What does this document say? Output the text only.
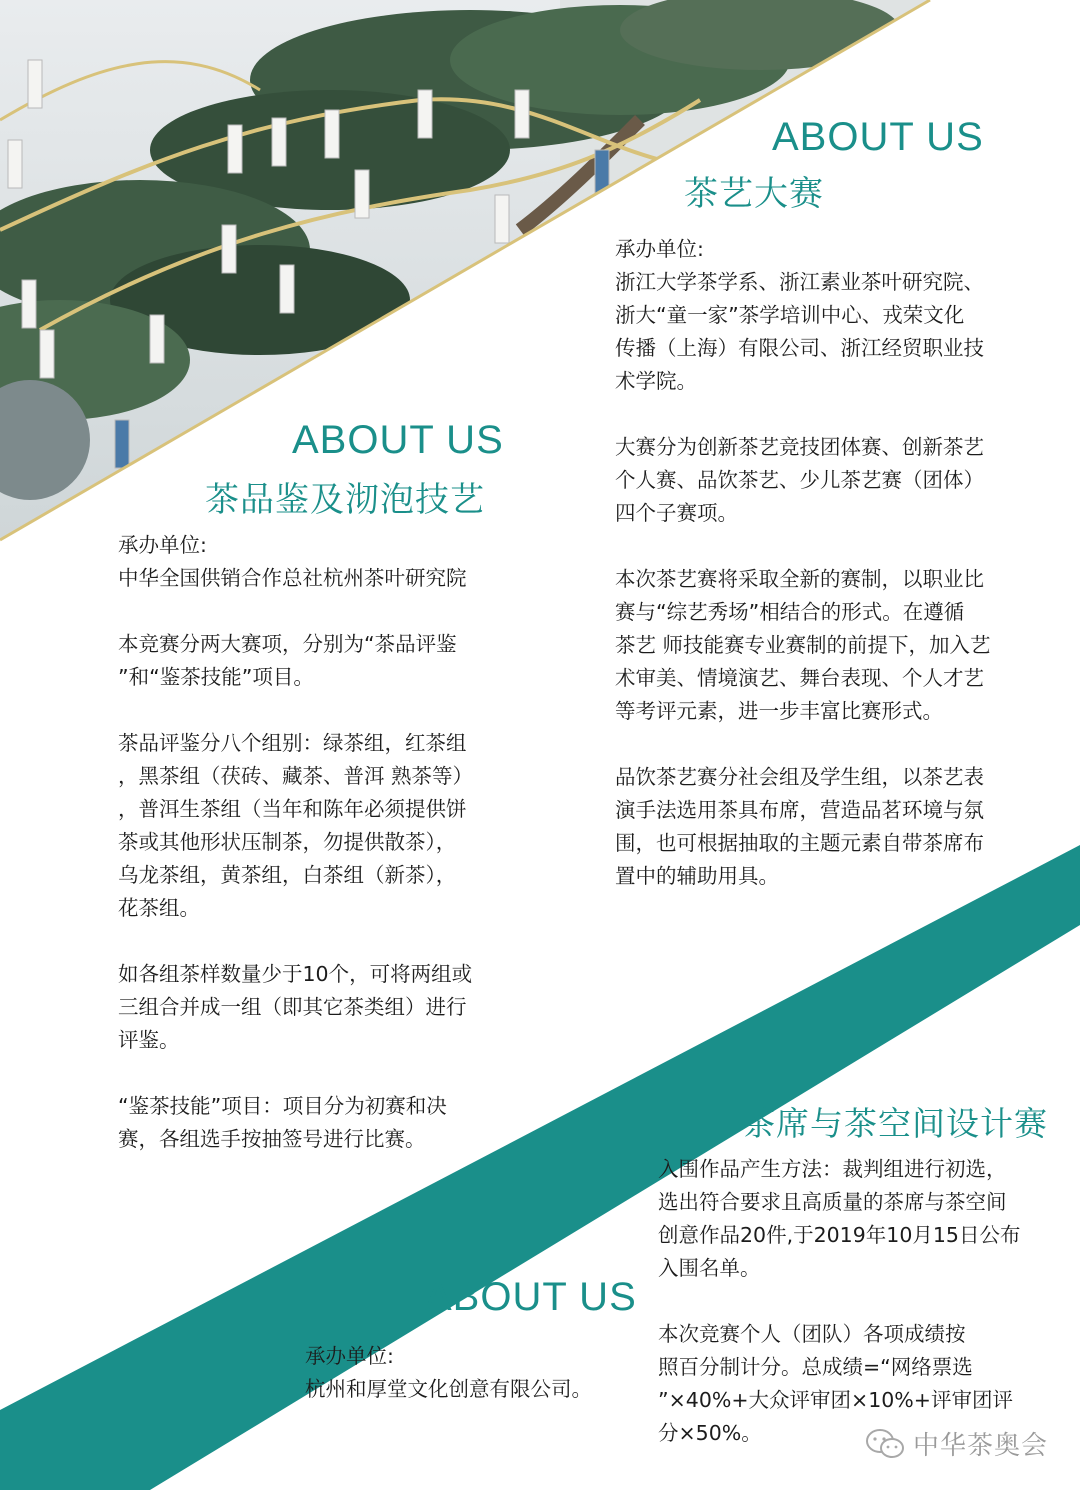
ABOUT US
茶艺大赛

承办单位:
浙江大学茶学系、浙江素业茶叶研究院、
浙大“童一家”茶学培训中心、戎荣文化
传播（上海）有限公司、浙江经贸职业技
术学院。

大赛分为创新茶艺竞技团体赛、创新茶艺
个人赛、品饮茶艺、少儿茶艺赛（团体）
四个子赛项。

本次茶艺赛将采取全新的赛制，以职业比
赛与“综艺秀场”相结合的形式。在遵循
茶艺 师技能赛专业赛制的前提下，加入艺
术审美、情境演艺、舞台表现、个人才艺
等考评元素，进一步丰富比赛形式。

品饮茶艺赛分社会组及学生组，以茶艺表
演手法选用茶具布席，营造品茗环境与氛
围，也可根据抽取的主题元素自带茶席布
置中的辅助用具。

ABOUT US
茶品鉴及沏泡技艺

承办单位:
中华全国供销合作总社杭州茶叶研究院

本竞赛分两大赛项，分别为“茶品评鉴
”和“鉴茶技能”项目。

茶品评鉴分八个组别：绿茶组，红茶组
，黑茶组（茯砖、藏茶、普洱 熟茶等）
，普洱生茶组（当年和陈年必须提供饼
茶或其他形状压制茶，勿提供散茶），
乌龙茶组，黄茶组，白茶组（新茶），
花茶组。

如各组茶样数量少于10个，可将两组或
三组合并成一组（即其它茶类组）进行
评鉴。

“鉴茶技能”项目：项目分为初赛和决
赛，各组选手按抽签号进行比赛。	茶席与茶空间设计赛

入围作品产生方法：裁判组进行初选，
选出符合要求且高质量的茶席与茶空间
创意作品20件,于2019年10月15日公布
入围名单。

本次竞赛个人（团队）各项成绩按
照百分制计分。总成绩=“网络票选
”×40%+大众评审团×10%+评审团评
分×50%。

ABOUT US

承办单位:
杭州和厚堂文化创意有限公司。

中华茶奥会
